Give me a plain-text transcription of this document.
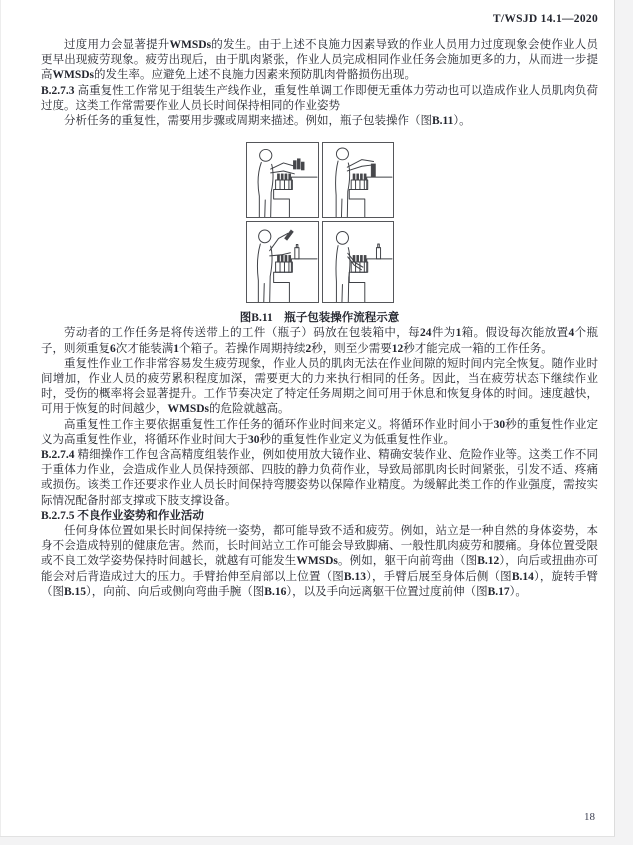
T/WSJD 14.1—2020

过度用力会显著提升WMSDs的发生。由于上述不良施力因素导致的作业人员用力过度现象会使作业人员更早出现疲劳现象。疲劳出现后，由于肌肉紧张，作业人员完成相同作业任务会施加更多的力，从而进一步提高WMSDs的发生率。应避免上述不良施力因素来预防肌肉骨骼损伤出现。

B.2.7.3 高重复性工作常见于组装生产线作业，重复性单调工作即便无重体力劳动也可以造成作业人员肌肉负荷过度。这类工作常需要作业人员长时间保持相同的作业姿势

分析任务的重复性，需要用步骤或周期来描述。例如，瓶子包装操作（图B.11）。

图B.11　瓶子包装操作流程示意

劳动者的工作任务是将传送带上的工件（瓶子）码放在包装箱中，每24件为1箱。假设每次能放置4个瓶子，则须重复6次才能装满1个箱子。若操作周期持续2秒，则至少需要12秒才能完成一箱的工作任务。

重复性作业工作非常容易发生疲劳现象，作业人员的肌肉无法在作业间隙的短时间内完全恢复。随作业时间增加，作业人员的疲劳累积程度加深，需要更大的力来执行相同的任务。因此，当在疲劳状态下继续作业时，受伤的概率将会显著提升。工作节奏决定了特定任务周期之间可用于休息和恢复身体的时间。速度越快，可用于恢复的时间越少，WMSDs的危险就越高。

高重复性工作主要依据重复性工作任务的循环作业时间来定义。将循环作业时间小于30秒的重复性作业定义为高重复性作业，将循环作业时间大于30秒的重复性作业定义为低重复性作业。

B.2.7.4 精细操作工作包含高精度组装作业，例如使用放大镜作业、精确安装作业、危险作业等。这类工作不同于重体力作业，会造成作业人员保持颈部、四肢的静力负荷作业，导致局部肌肉长时间紧张，引发不适、疼痛或损伤。该类工作还要求作业人员长时间保持弯腰姿势以保障作业精度。为缓解此类工作的作业强度，需按实际情况配备肘部支撑或下肢支撑设备。

B.2.7.5 不良作业姿势和作业活动

任何身体位置如果长时间保持统一姿势，都可能导致不适和疲劳。例如，站立是一种自然的身体姿势，本身不会造成特别的健康危害。然而，长时间站立工作可能会导致脚痛、一般性肌肉疲劳和腰痛。身体位置受限或不良工效学姿势保持时间越长，就越有可能发生WMSDs。例如，躯干向前弯曲（图B.12），向后或扭曲亦可能会对后背造成过大的压力。手臂抬伸至肩部以上位置（图B.13），手臂后展至身体后侧（图B.14），旋转手臂（图B.15），向前、向后或侧向弯曲手腕（图B.16），以及手向远离躯干位置过度前伸（图B.17）。

18
